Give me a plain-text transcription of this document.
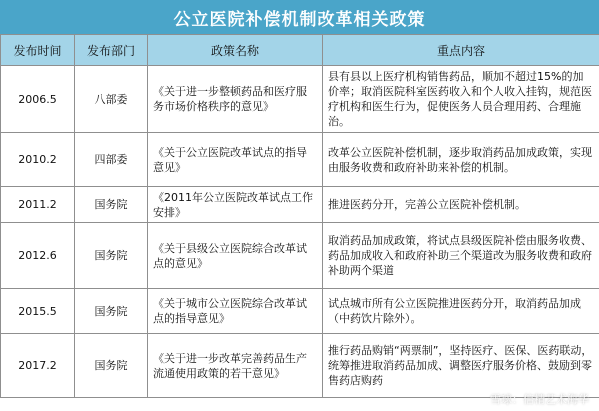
公立医院补偿机制改革相关政策
发布时间	发布部门	政策名称	重点内容
2006.5	八部委	《关于进一步整顿药品和医疗服务市场价格秩序的意见》	县有县以上医疗机构销售药品，顺加不超过15%的加价率；取消医院科室医药收入和个人收入挂钩，规范医疗机构和医生行为，促使医务人员合理用药、合理施治。
2010.2	四部委	《关于公立医院改革试点的指导意见》	改革公立医院补偿机制，逐步取消药品加成政策，实现由服务收费和政府补助来补偿的机制。
2011.2	国务院	《2011年公立医院改革试点工作安排》	推进医药分开，完善公立医院补偿机制。
2012.6	国务院	《关于县级公立医院综合改革试点的意见》	取消药品加成政策，将试点县级医院补偿由服务收费、药品加成收入和政府补助三个渠道改为服务收费和政府补助两个渠道
2015.5	国务院	《关于城市公立医院综合改革试点的指导意见》	试点城市所有公立医院推进医药分开，取消药品加成（中药饮片除外）。
2017.2	国务院	《关于进一步改革完善药品生产流通使用政策的若干意见》	推行药品购销“两票制”，坚持医疗、医保、医药联动，统筹推进取消药品加成、调整医疗服务价格、鼓励到零售药店购药
雪球：信精艺术海华
